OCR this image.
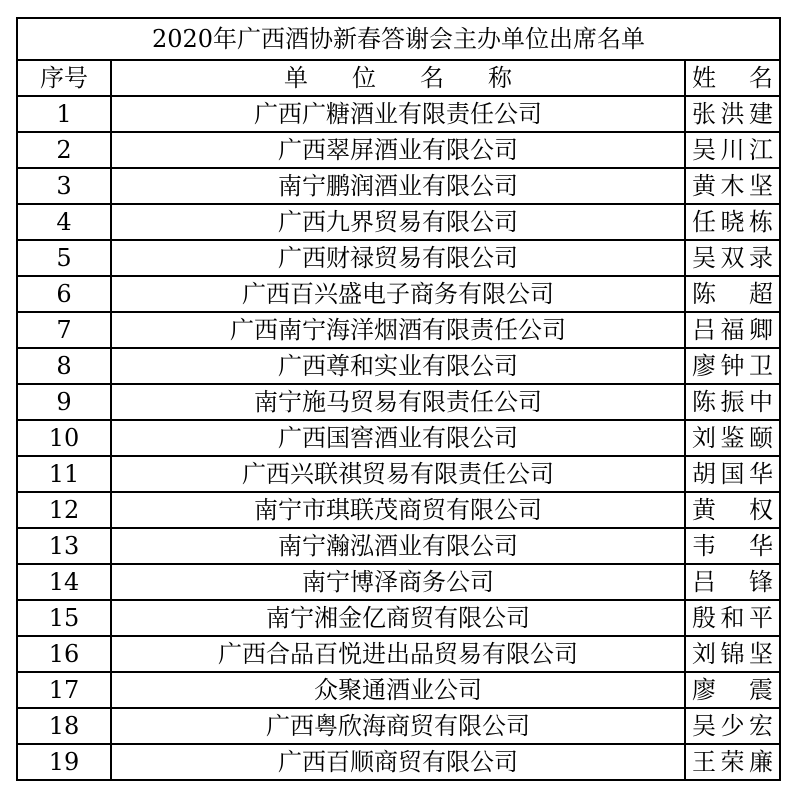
2020年广西酒协新春答谢会主办单位出席名单		
序号	单位名称	姓名
1	广西广糖酒业有限责任公司	张洪建
2	广西翠屏酒业有限公司	吴川江
3	南宁鹏润酒业有限公司	黄木坚
4	广西九界贸易有限公司	任晓栋
5	广西财禄贸易有限公司	吴双录
6	广西百兴盛电子商务有限公司	陈超
7	广西南宁海洋烟酒有限责任公司	吕福卿
8	广西尊和实业有限公司	廖钟卫
9	南宁施马贸易有限责任公司	陈振中
10	广西国窖酒业有限公司	刘鉴颐
11	广西兴联祺贸易有限责任公司	胡国华
12	南宁市琪联茂商贸有限公司	黄权
13	南宁瀚泓酒业有限公司	韦华
14	南宁博泽商务公司	吕锋
15	南宁湘金亿商贸有限公司	殷和平
16	广西合品百悦进出品贸易有限公司	刘锦坚
17	众聚通酒业公司	廖震
18	广西粤欣海商贸有限公司	吴少宏
19	广西百顺商贸有限公司	王荣廉
